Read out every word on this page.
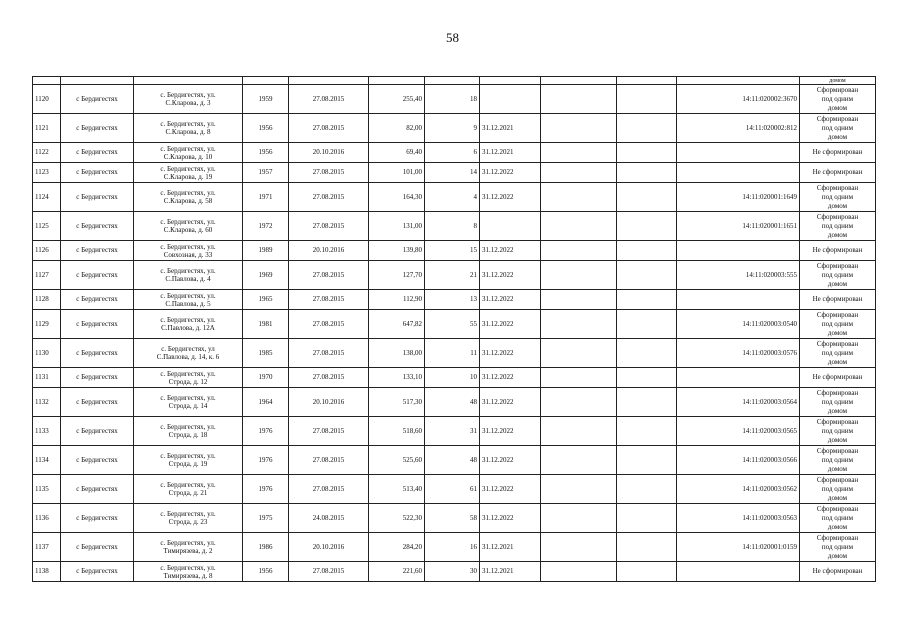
58

											домом

1120	с Бердигестях	с. Бердигестях, ул.
С.Кларова, д. 3	1959	27.08.2015	255,40	18				14:11:020002:3670	Сформирован
под одним
домом
1121	с Бердигестях	с. Бердигестях, ул.
С.Кларова, д. 8	1956	27.08.2015	82,00	9	31.12.2021			14:11:020002:812	Сформирован
под одним
домом
1122	с Бердигестях	с. Бердигестях, ул.
С.Кларова, д. 10	1956	20.10.2016	69,40	6	31.12.2021				Не сформирован
1123	с Бердигестях	с. Бердигестях, ул.
С.Кларова, д. 19	1957	27.08.2015	101,00	14	31.12.2022				Не сформирован
1124	с Бердигестях	с. Бердигестях, ул.
С.Кларова, д. 58	1971	27.08.2015	164,30	4	31.12.2022			14:11:020001:1649	Сформирован
под одним
домом
1125	с Бердигестях	с. Бердигестях, ул.
С.Кларова, д. 60	1972	27.08.2015	131,00	8				14:11:020001:1651	Сформирован
под одним
домом
1126	с Бердигестях	с. Бердигестях, ул.
Совхозная, д. 33	1989	20.10.2016	139,80	15	31.12.2022				Не сформирован
1127	с Бердигестях	с. Бердигестях, ул.
С.Павлова, д. 4	1969	27.08.2015	127,70	21	31.12.2022			14:11:020003:555	Сформирован
под одним
домом
1128	с Бердигестях	с. Бердигестях, ул.
С.Павлова, д. 5	1965	27.08.2015	112,90	13	31.12.2022				Не сформирован
1129	с Бердигестях	с. Бердигестях, ул.
С.Павлова, д. 12А	1981	27.08.2015	647,82	55	31.12.2022			14:11:020003:0540	Сформирован
под одним
домом
1130	с Бердигестях	с. Бердигестях, ул
С.Павлова, д. 14, к. 6	1985	27.08.2015	138,00	11	31.12.2022			14:11:020003:0576	Сформирован
под одним
домом
1131	с Бердигестях	с. Бердигестях, ул.
Строда, д. 12	1970	27.08.2015	133,10	10	31.12.2022				Не сформирован
1132	с Бердигестях	с. Бердигестях, ул.
Строда, д. 14	1964	20.10.2016	517,30	48	31.12.2022			14:11:020003:0564	Сформирован
под одним
домом
1133	с Бердигестях	с. Бердигестях, ул.
Строда, д. 18	1976	27.08.2015	518,60	31	31.12.2022			14:11:020003:0565	Сформирован
под одним
домом
1134	с Бердигестях	с. Бердигестях, ул.
Строда, д. 19	1976	27.08.2015	525,60	48	31.12.2022			14:11:020003:0566	Сформирован
под одним
домом
1135	с Бердигестях	с. Бердигестях, ул.
Строда, д. 21	1976	27.08.2015	513,40	61	31.12.2022			14:11:020003:0562	Сформирован
под одним
домом
1136	с Бердигестях	с. Бердигестях, ул.
Строда, д. 23	1975	24.08.2015	522,30	58	31.12.2022			14:11:020003:0563	Сформирован
под одним
домом
1137	с Бердигестях	с. Бердигестях, ул.
Тимирязева, д. 2	1986	20.10.2016	284,20	16	31.12.2021			14:11:020001:0159	Сформирован
под одним
домом
1138	с Бердигестях	с. Бердигестях, ул.
Тимирязева, д. 8	1956	27.08.2015	221,60	30	31.12.2021				Не сформирован
